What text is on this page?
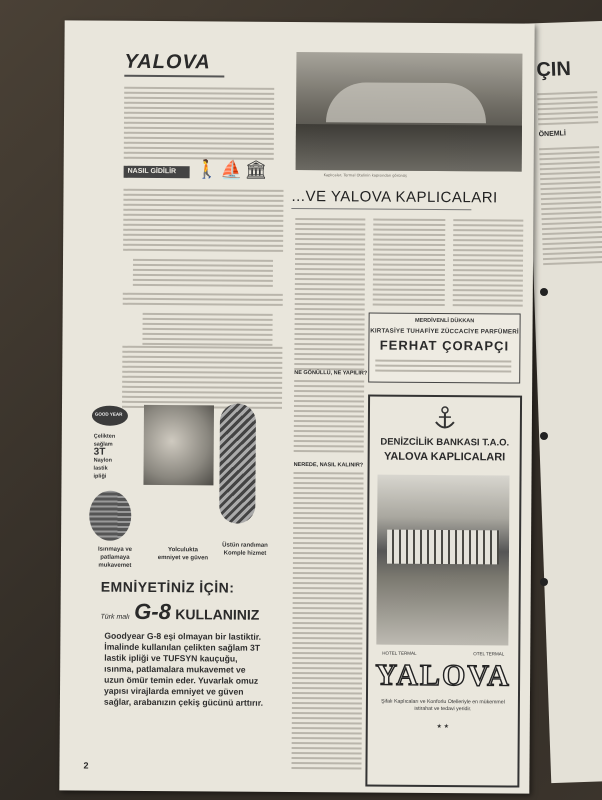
ÇIN
ÖNEMLİ
YALOVA
NASIL GİDİLİR 🚶⛵🏛
GOOD YEAR
Çelikten
sağlam
3T
Naylon
lastik
ipliği
Isınmaya ve patlamaya mukavemet
Yolculukta emniyet ve güven
Üstün randıman Komple hizmet
EMNİYETİNİZ İÇİN:
Türk malı G-8 KULLANINIZ
Goodyear G-8 eşi olmayan bir lastiktir. İmalinde kullanılan çelikten sağlam 3T lastik ipliği ve TUFSYN kauçuğu, ısınma, patlamalara mukavemet ve uzun ömür temin eder. Yuvarlak omuz yapısı virajlarda emniyet ve güven sağlar, arabanızın çekiş gücünü arttırır.
2
Kaplıcalar, Termal Otelinin kapısından görünüş
...VE YALOVA KAPLICALARI
NE GÖNÜLLÜ, NE YAPILIR?
NEREDE, NASIL KALINIR?
MERDİVENLİ DÜKKAN
KIRTASİYE TUHAFİYE ZÜCCACİYE PARFÜMERİ
FERHAT ÇORAPÇI
DENİZCİLİK BANKASI T.A.O.
YALOVA KAPLICALARI
HOTEL TERMAL	OTEL TERMAL
YALOVA
Şifalı Kaplıcaları ve Konforlu Otelleriyle en mükemmel istirahat ve tedavi yeridir.
★ ★
